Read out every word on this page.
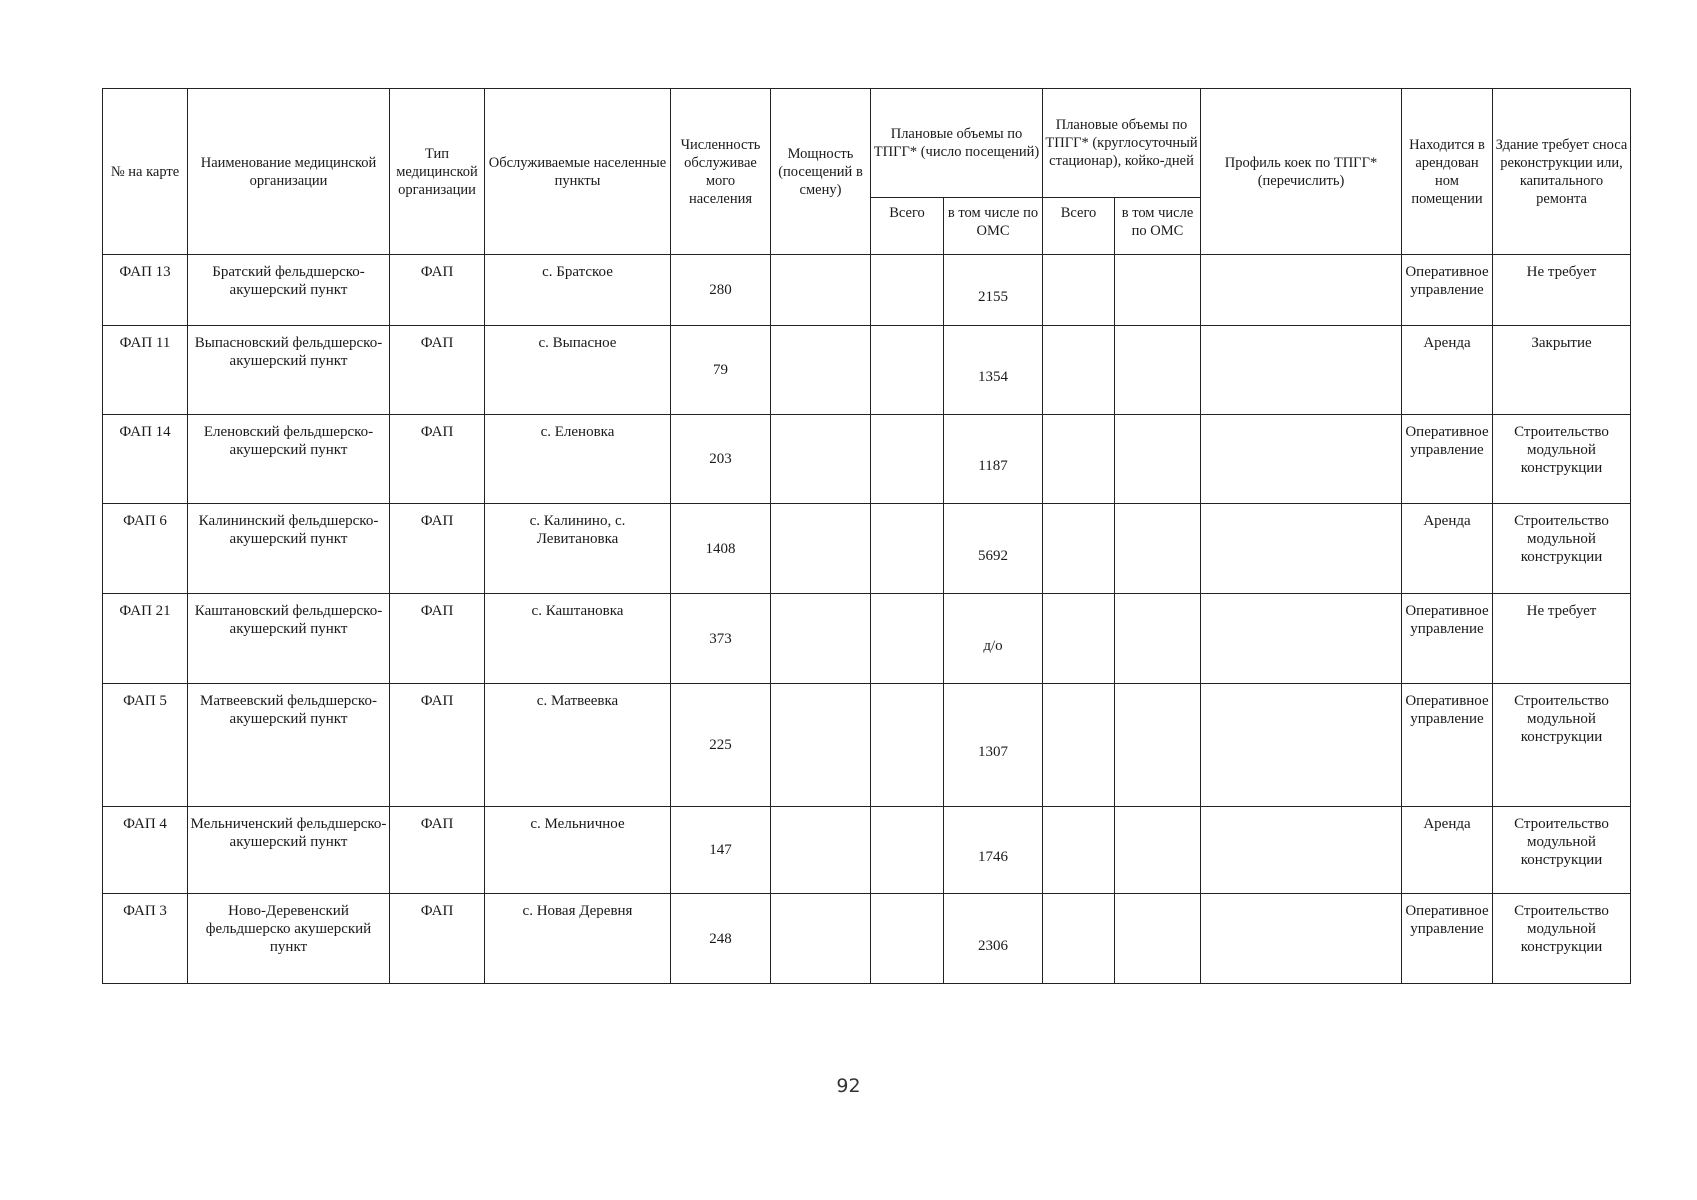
№ на карте	Наименование медицинской организации	Тип медицинской организации	Обслуживаемые населенные пункты	Численность обслуживае мого населения	Мощность (посещений в смену)	Плановые объемы по ТПГГ* (число посещений)		Плановые объемы по ТПГГ* (круглосуточный стационар), койко-дней		Профиль коек по ТПГГ* (перечислить)	Находится в арендован ном помещении	Здание требует сноса реконструкции или, капитального ремонта
						Всего	в том числе по ОМС	Всего	в том числе по ОМС			
ФАП 13	Братский фельдшерско-акушерский пункт	ФАП	с. Братское	280			2155				Оперативное управление	Не требует
ФАП 11	Выпасновский фельдшерско-акушерский пункт	ФАП	с. Выпасное	79			1354				Аренда	Закрытие
ФАП 14	Еленовский фельдшерско-акушерский пункт	ФАП	с. Еленовка	203			1187				Оперативное управление	Строительство модульной конструкции
ФАП 6	Калининский фельдшерско-акушерский пункт	ФАП	с. Калинино, с. Левитановка	1408			5692				Аренда	Строительство модульной конструкции
ФАП 21	Каштановский фельдшерско-акушерский пункт	ФАП	с. Каштановка	373			д/о				Оперативное управление	Не требует
ФАП 5	Матвеевский фельдшерско-акушерский пункт	ФАП	с. Матвеевка	225			1307				Оперативное управление	Строительство модульной конструкции
ФАП 4	Мельниченский фельдшерско-акушерский пункт	ФАП	с. Мельничное	147			1746				Аренда	Строительство модульной конструкции
ФАП 3	Ново-Деревенский фельдшерско акушерский пункт	ФАП	с. Новая Деревня	248			2306				Оперативное управление	Строительство модульной конструкции
92
